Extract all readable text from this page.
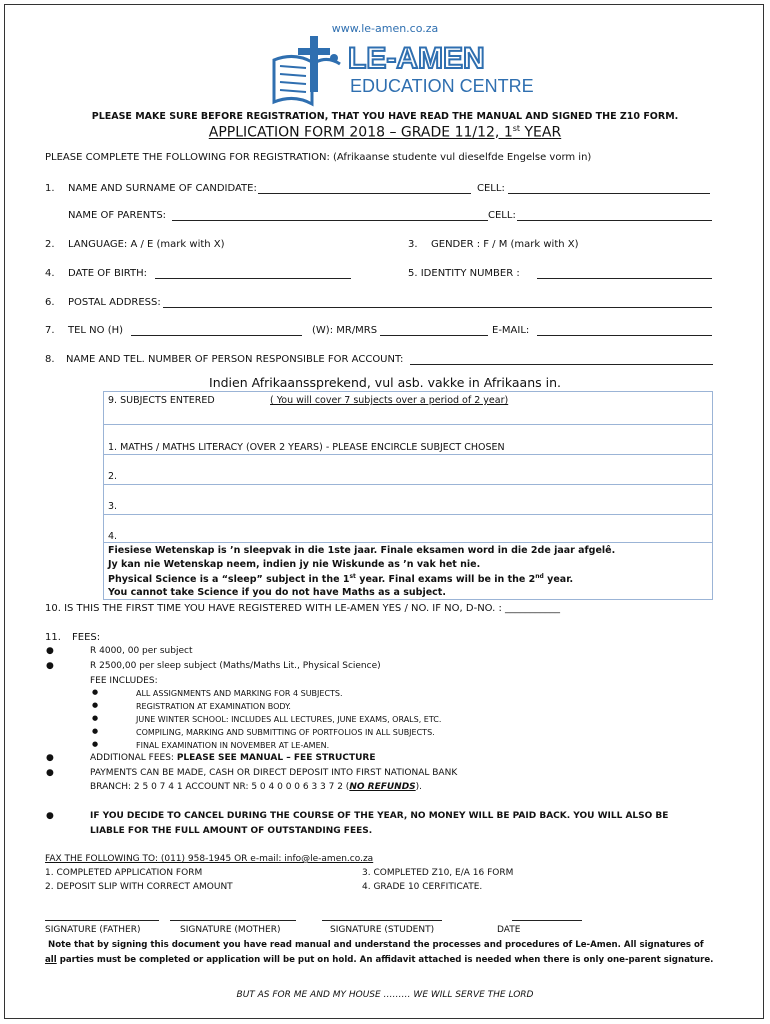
www.le-amen.co.za
LE-AMEN
EDUCATION CENTRE
PLEASE MAKE SURE BEFORE REGISTRATION, THAT YOU HAVE READ THE MANUAL AND SIGNED THE Z10 FORM.
APPLICATION FORM 2018 – GRADE 11/12, 1st YEAR
PLEASE COMPLETE THE FOLLOWING FOR REGISTRATION: (Afrikaanse studente vul dieselfde Engelse vorm in)
1. NAME AND SURNAME OF CANDIDATE:	CELL:
NAME OF PARENTS:	CELL:
2. LANGUAGE: A / E (mark with X)	3. GENDER : F / M (mark with X)
4. DATE OF BIRTH:	5. IDENTITY NUMBER :
6. POSTAL ADDRESS:
7. TEL NO (H)	(W): MR/MRS	E-MAIL:
8. NAME AND TEL. NUMBER OF PERSON RESPONSIBLE FOR ACCOUNT:
Indien Afrikaanssprekend, vul asb. vakke in Afrikaans in.
9. SUBJECTS ENTERED	( You will cover 7 subjects over a period of 2 year)
1. MATHS / MATHS LITERACY (OVER 2 YEARS) - PLEASE ENCIRCLE SUBJECT CHOSEN
2.
3.
4.
Fiesiese Wetenskap is ’n sleepvak in die 1ste jaar. Finale eksamen word in die 2de jaar afgelê.
Jy kan nie Wetenskap neem, indien jy nie Wiskunde as ’n vak het nie.
Physical Science is a “sleep” subject in the 1st year. Final exams will be in the 2nd year.
You cannot take Science if you do not have Maths as a subject.
10. IS THIS THE FIRST TIME YOU HAVE REGISTERED WITH LE-AMEN YES / NO. IF NO, D-NO. : ___________
11. FEES:
●	R 4000, 00 per subject
●	R 2500,00 per sleep subject (Maths/Maths Lit., Physical Science)
FEE INCLUDES:
●	ALL ASSIGNMENTS AND MARKING FOR 4 SUBJECTS.
●	REGISTRATION AT EXAMINATION BODY.
●	JUNE WINTER SCHOOL: INCLUDES ALL LECTURES, JUNE EXAMS, ORALS, ETC.
●	COMPILING, MARKING AND SUBMITTING OF PORTFOLIOS IN ALL SUBJECTS.
●	FINAL EXAMINATION IN NOVEMBER AT LE-AMEN.
●	ADDITIONAL FEES: PLEASE SEE MANUAL – FEE STRUCTURE
●	PAYMENTS CAN BE MADE, CASH OR DIRECT DEPOSIT INTO FIRST NATIONAL BANK
BRANCH: 2 5 0 7 4 1 ACCOUNT NR: 5 0 4 0 0 0 6 3 3 7 2 (NO REFUNDS).
●	IF YOU DECIDE TO CANCEL DURING THE COURSE OF THE YEAR, NO MONEY WILL BE PAID BACK. YOU WILL ALSO BE
LIABLE FOR THE FULL AMOUNT OF OUTSTANDING FEES.
FAX THE FOLLOWING TO: (011) 958-1945 OR e-mail: info@le-amen.co.za
1. COMPLETED APPLICATION FORM	3. COMPLETED Z10, E/A 16 FORM
2. DEPOSIT SLIP WITH CORRECT AMOUNT	4. GRADE 10 CERFITICATE.
SIGNATURE (FATHER)	SIGNATURE (MOTHER)	SIGNATURE (STUDENT)	DATE
Note that by signing this document you have read manual and understand the processes and procedures of Le-Amen. All signatures of
all parties must be completed or application will be put on hold. An affidavit attached is needed when there is only one-parent signature.
BUT AS FOR ME AND MY HOUSE ……… WE WILL SERVE THE LORD
